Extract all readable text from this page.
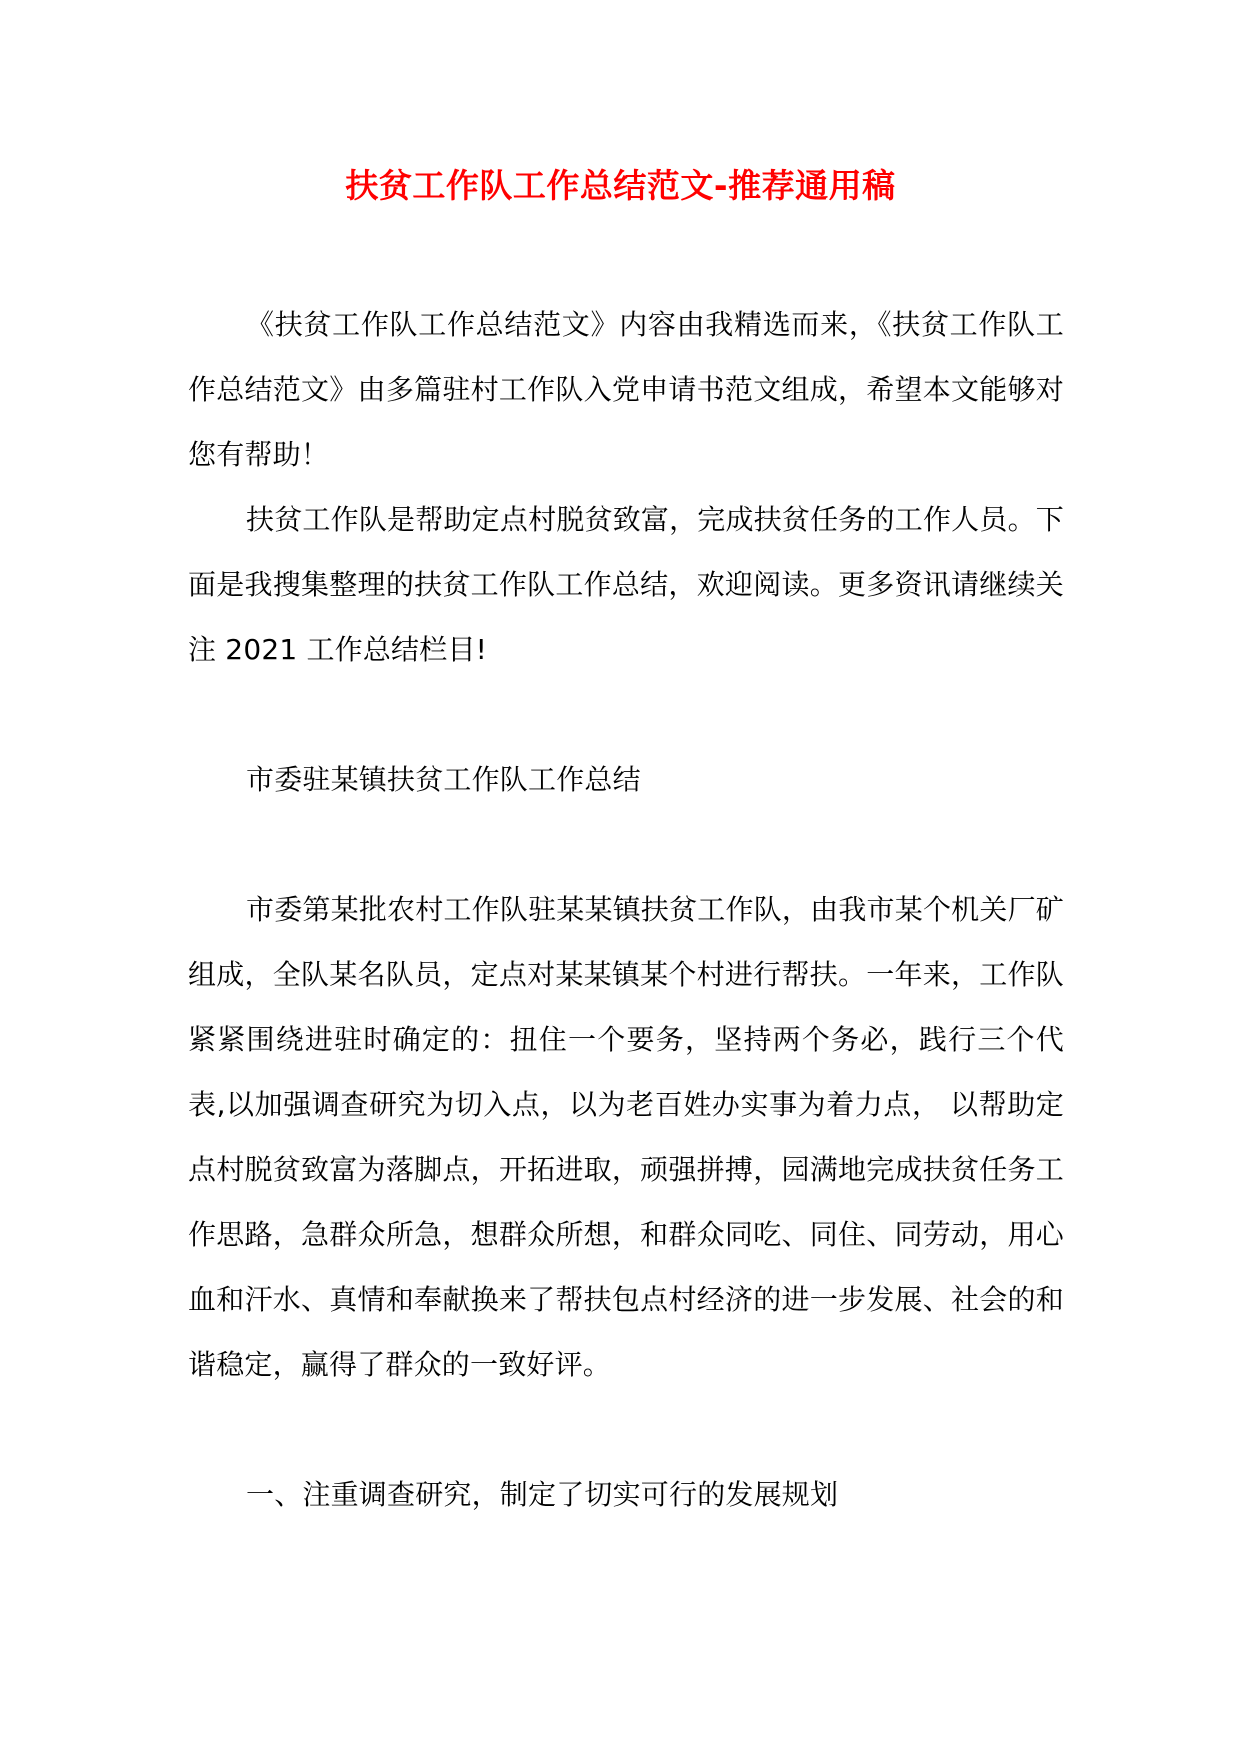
扶贫工作队工作总结范文-推荐通用稿

《扶贫工作队工作总结范文》内容由我精选而来，《扶贫工作队工作总结范文》由多篇驻村工作队入党申请书范文组成，希望本文能够对您有帮助！

扶贫工作队是帮助定点村脱贫致富，完成扶贫任务的工作人员。下面是我搜集整理的扶贫工作队工作总结，欢迎阅读。更多资讯请继续关注 2021 工作总结栏目!

市委驻某镇扶贫工作队工作总结

市委第某批农村工作队驻某某镇扶贫工作队，由我市某个机关厂矿组成，全队某名队员，定点对某某镇某个村进行帮扶。一年来，工作队紧紧围绕进驻时确定的：扭住一个要务，坚持两个务必，践行三个代表,以加强调查研究为切入点，以为老百姓办实事为着力点， 以帮助定点村脱贫致富为落脚点，开拓进取，顽强拼搏，园满地完成扶贫任务工作思路，急群众所急，想群众所想，和群众同吃、同住、同劳动，用心血和汗水、真情和奉献换来了帮扶包点村经济的进一步发展、社会的和谐稳定，赢得了群众的一致好评。

一、注重调查研究，制定了切实可行的发展规划
